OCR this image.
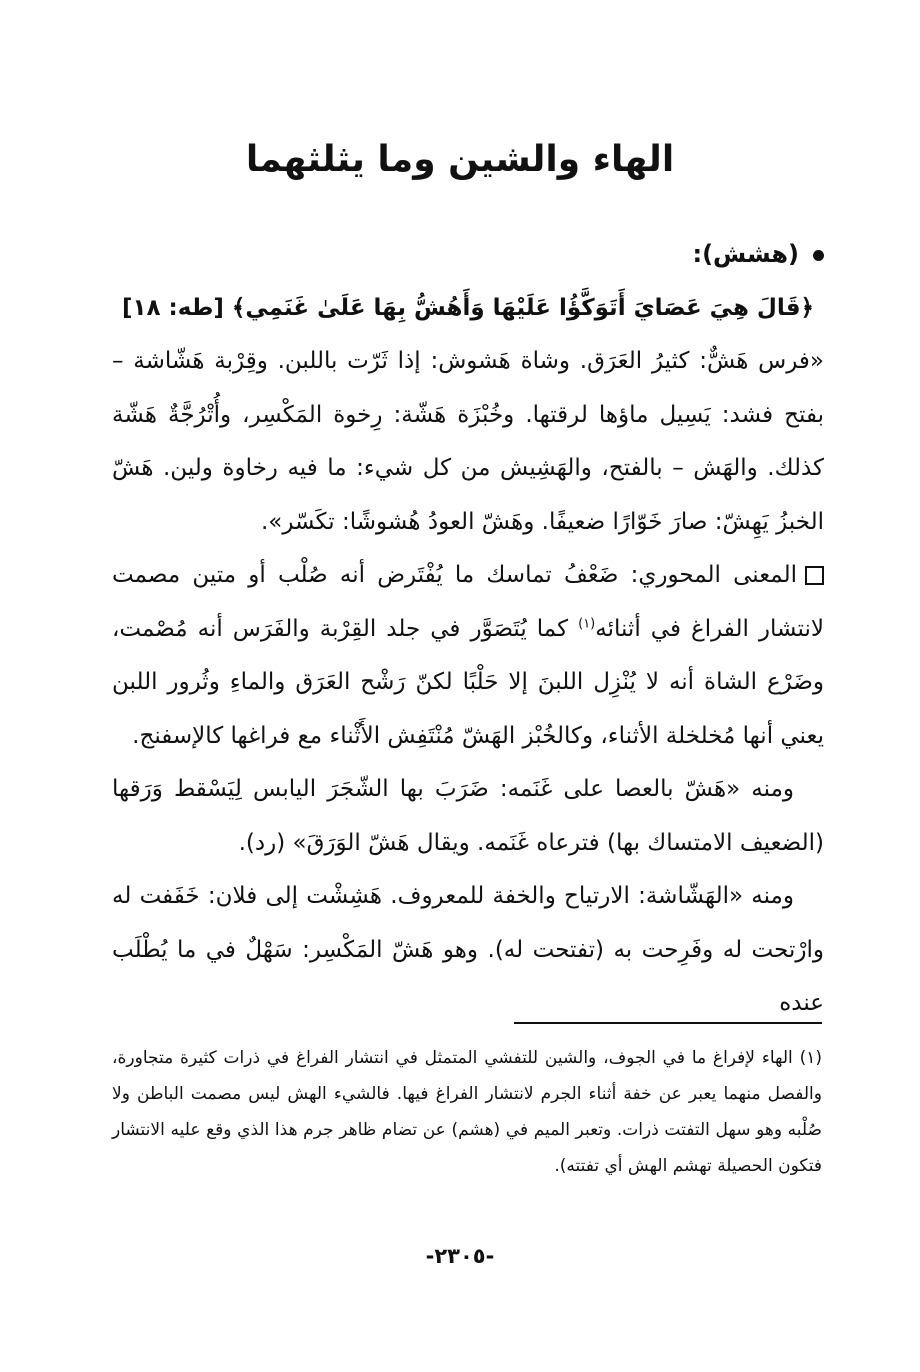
الهاء والشين وما يثلثهما

(هشش):

﴿قَالَ هِيَ عَصَايَ أَتَوَكَّؤُا عَلَيْهَا وَأَهُشُّ بِهَا عَلَىٰ غَنَمِي﴾ [طه: ١٨]

«فرس هَشٌّ: كثيرُ العَرَق. وشاة هَشوش: إذا ثَرّت باللبن. وقِرْبة هَشّاشة – بفتح فشد: يَسِيل ماؤها لرقتها. وخُبْزَة هَشّة: رِخوة المَكْسِر، وأُتْرُجَّةٌ هَشّة كذلك. والهَش – بالفتح، والهَشِيش من كل شيء: ما فيه رخاوة ولين. هَشّ الخبزُ يَهِشّ: صارَ خَوّارًا ضعيفًا. وهَشّ العودُ هُشوشًا: تكَسّر».

المعنى المحوري: ضَعْفُ تماسك ما يُفْتَرض أنه صُلْب أو متين مصمت لانتشار الفراغ في أثنائه$^{(١)}$ كما يُتَصَوَّر في جلد القِرْبة والفَرَس أنه مُصْمت، وضَرْع الشاة أنه لا يُنْزِل اللبنَ إلا حَلْبًا لكنّ رَشْح العَرَق والماءِ وثُرور اللبن يعني أنها مُخلخلة الأثناء، وكالخُبْز الهَشّ مُنْتَفِش الأَثْناء مع فراغها كالإسفنج.

ومنه «هَشّ بالعصا على غَنَمه: ضَرَبَ بها الشّجَرَ اليابس لِيَسْقط وَرَقها (الضعيف الامتساك بها) فترعاه غَنَمه. ويقال هَشّ الوَرَقَ» (رد).

ومنه «الهَشّاشة: الارتياح والخفة للمعروف. هَشِشْت إلى فلان: خَفَفت له وارْتحت له وفَرِحت به (تفتحت له). وهو هَشّ المَكْسِر: سَهْلٌ في ما يُطْلَب عنده

(١) الهاء لإفراغ ما في الجوف، والشين للتفشي المتمثل في انتشار الفراغ في ذرات كثيرة متجاورة، والفصل منهما يعبر عن خفة أثناء الجرم لانتشار الفراغ فيها. فالشيء الهش ليس مصمت الباطن ولا صُلْبه وهو سهل التفتت ذرات. وتعبر الميم في (هشم) عن تضام ظاهر جرم هذا الذي وقع عليه الانتشار فتكون الحصيلة تهشم الهش أي تفتته).

-٢٣٠٥-
